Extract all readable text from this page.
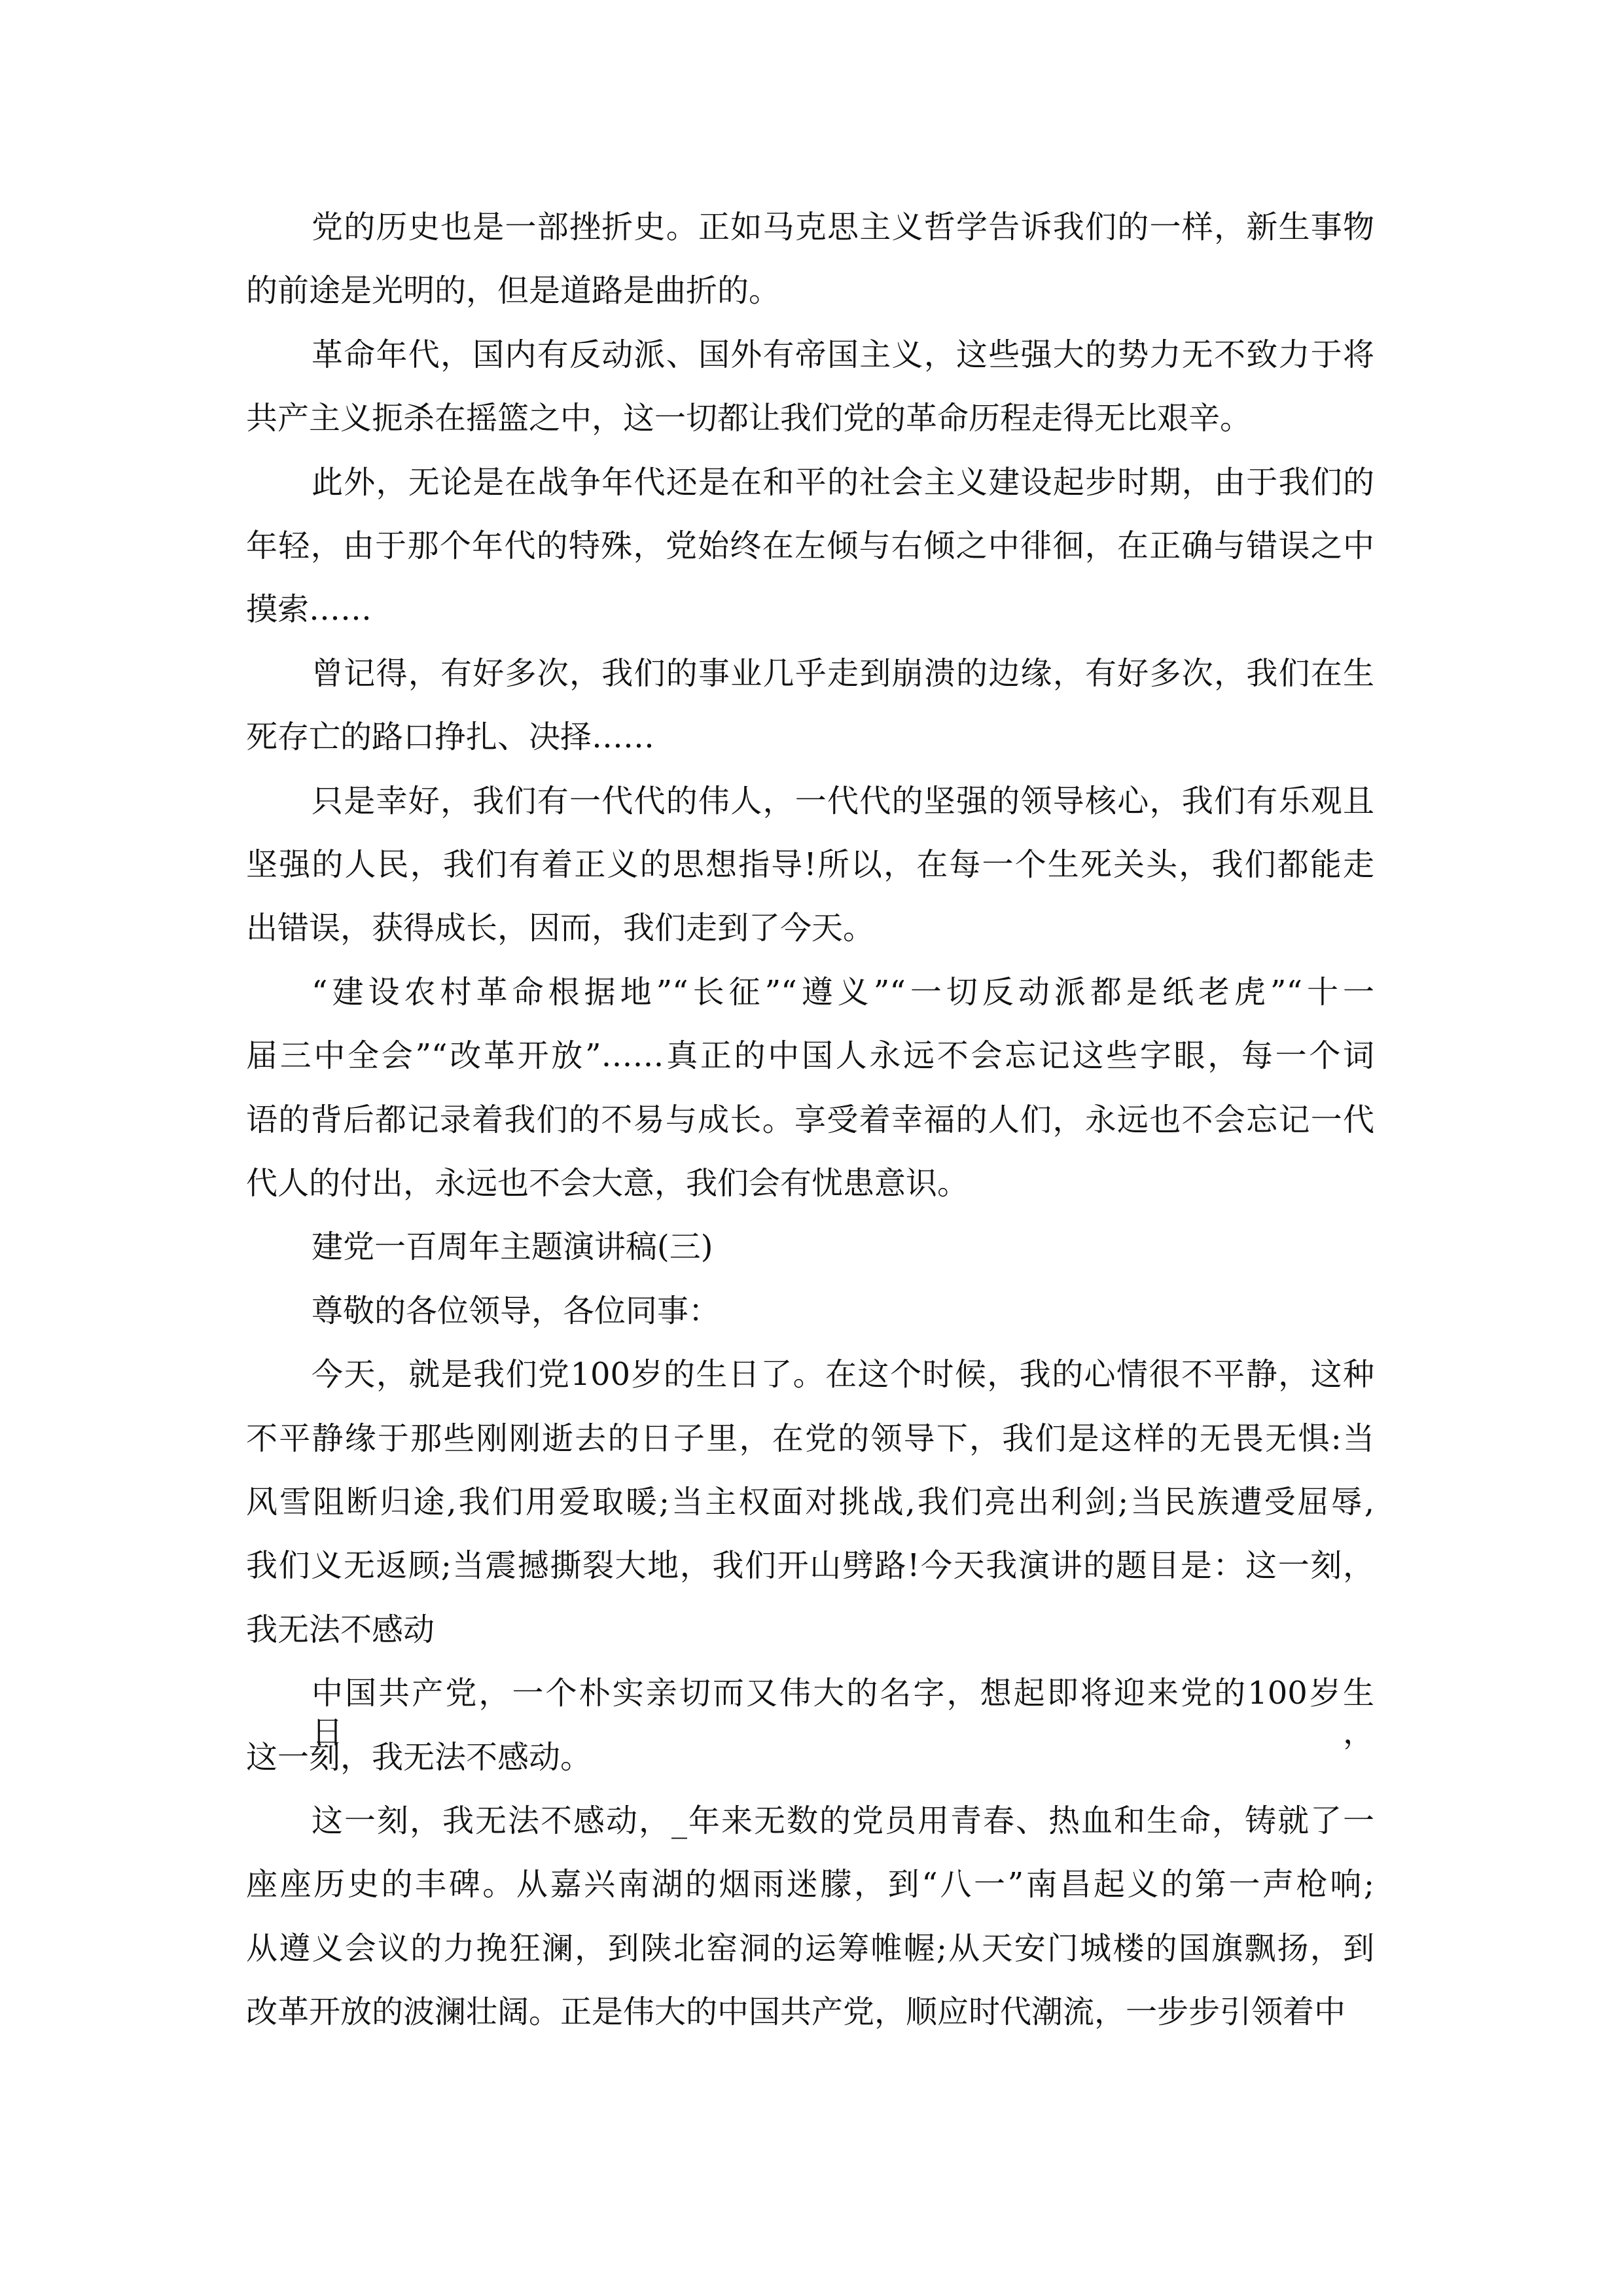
党的历史也是一部挫折史。正如马克思主义哲学告诉我们的一样，新生事物
的前途是光明的，但是道路是曲折的。
革命年代，国内有反动派、国外有帝国主义，这些强大的势力无不致力于将
共产主义扼杀在摇篮之中，这一切都让我们党的革命历程走得无比艰辛。
此外，无论是在战争年代还是在和平的社会主义建设起步时期，由于我们的
年轻，由于那个年代的特殊，党始终在左倾与右倾之中徘徊，在正确与错误之中
摸索……
曾记得，有好多次，我们的事业几乎走到崩溃的边缘，有好多次，我们在生
死存亡的路口挣扎、决择……
只是幸好，我们有一代代的伟人，一代代的坚强的领导核心，我们有乐观且
坚强的人民，我们有着正义的思想指导!所以，在每一个生死关头，我们都能走
出错误，获得成长，因而，我们走到了今天。
“建设农村革命根据地”“长征”“遵义”“一切反动派都是纸老虎”“十一
届三中全会”“改革开放”……真正的中国人永远不会忘记这些字眼，每一个词
语的背后都记录着我们的不易与成长。享受着幸福的人们，永远也不会忘记一代
代人的付出，永远也不会大意，我们会有忧患意识。
建党一百周年主题演讲稿(三)
尊敬的各位领导，各位同事：
今天，就是我们党100岁的生日了。在这个时候，我的心情很不平静，这种
不平静缘于那些刚刚逝去的日子里，在党的领导下，我们是这样的无畏无惧:当
风雪阻断归途,我们用爱取暖;当主权面对挑战,我们亮出利剑;当民族遭受屈辱,
我们义无返顾;当震撼撕裂大地，我们开山劈路!今天我演讲的题目是：这一刻，
我无法不感动
中国共产党，一个朴实亲切而又伟大的名字，想起即将迎来党的100岁生日，
这一刻，我无法不感动。
这一刻，我无法不感动，_年来无数的党员用青春、热血和生命，铸就了一
座座历史的丰碑。从嘉兴南湖的烟雨迷朦，到“八一”南昌起义的第一声枪响;
从遵义会议的力挽狂澜，到陕北窑洞的运筹帷幄;从天安门城楼的国旗飘扬，到
改革开放的波澜壮阔。正是伟大的中国共产党，顺应时代潮流，一步步引领着中
